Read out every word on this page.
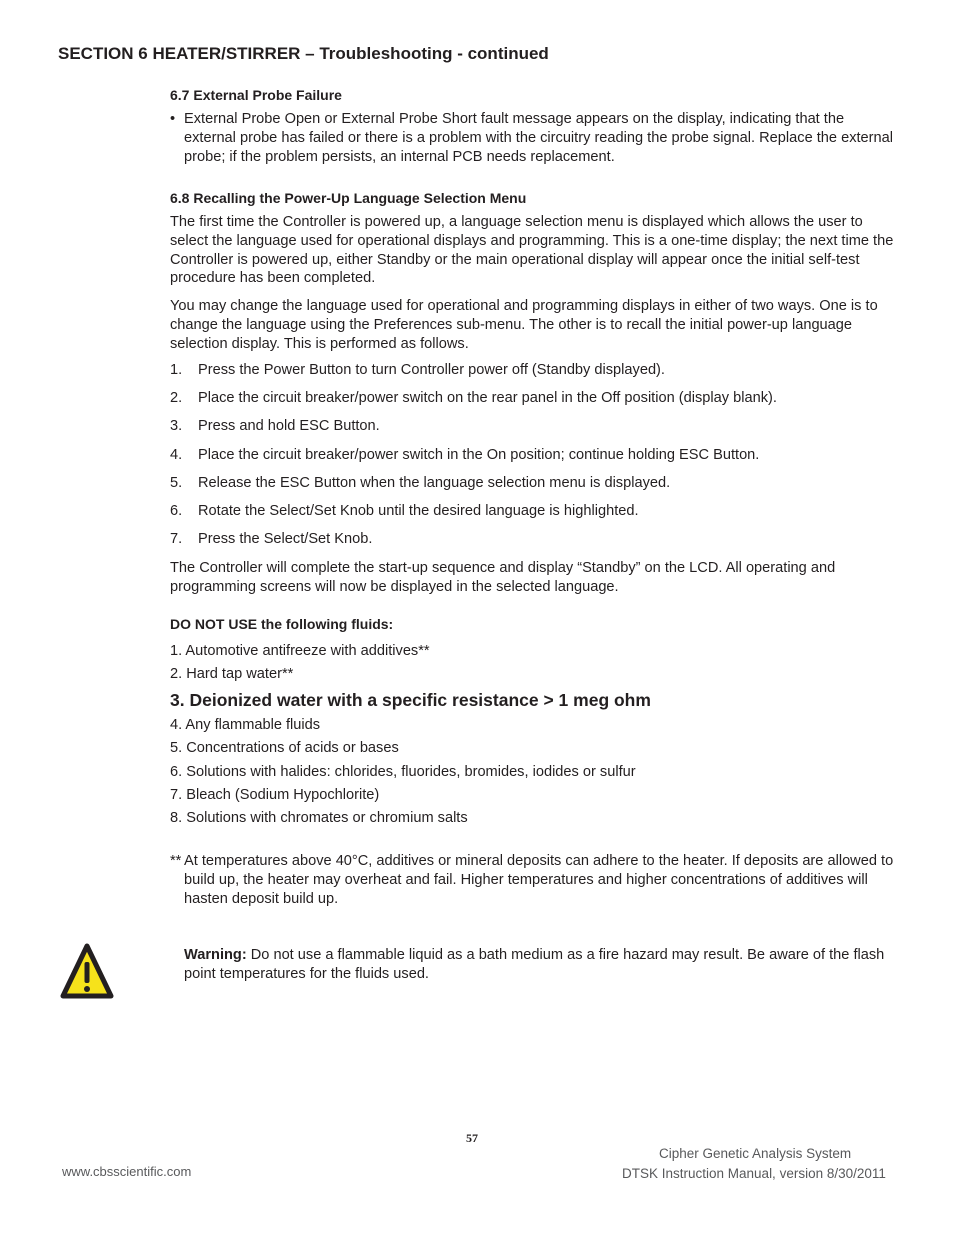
SECTION 6 HEATER/STIRRER – Troubleshooting - continued
6.7 External Probe Failure
• External Probe Open or External Probe Short fault message appears on the display, indicating that the external probe has failed or there is a problem with the circuitry reading the probe signal. Replace the external probe; if the problem persists, an internal PCB needs replacement.
6.8 Recalling the Power-Up Language Selection Menu
The first time the Controller is powered up, a language selection menu is displayed which allows the user to select the language used for operational displays and programming. This is a one-time display; the next time the Controller is powered up, either Standby or the main operational display will appear once the initial self-test procedure has been completed.
You may change the language used for operational and programming displays in either of two ways. One is to change the language using the Preferences sub-menu. The other is to recall the initial power-up language selection display. This is performed as follows.
1. Press the Power Button to turn Controller power off (Standby displayed).
2. Place the circuit breaker/power switch on the rear panel in the Off position (display blank).
3. Press and hold ESC Button.
4. Place the circuit breaker/power switch in the On position; continue holding ESC Button.
5. Release the ESC Button when the language selection menu is displayed.
6. Rotate the Select/Set Knob until the desired language is highlighted.
7. Press the Select/Set Knob.
The Controller will complete the start-up sequence and display “Standby” on the LCD. All operating and programming screens will now be displayed in the selected language.
DO NOT USE the following fluids:
1. Automotive antifreeze with additives**
2. Hard tap water**
3. Deionized water with a specific resistance > 1 meg ohm
4. Any flammable fluids
5. Concentrations of acids or bases
6. Solutions with halides: chlorides, fluorides, bromides, iodides or sulfur
7. Bleach (Sodium Hypochlorite)
8. Solutions with chromates or chromium salts
** At temperatures above 40°C, additives or mineral deposits can adhere to the heater. If deposits are allowed to build up, the heater may overheat and fail. Higher temperatures and higher concentrations of additives will hasten deposit build up.
Warning: Do not use a flammable liquid as a bath medium as a fire hazard may result. Be aware of the flash point temperatures for the fluids used.
57
www.cbsscientific.com
Cipher Genetic Analysis System
DTSK Instruction Manual, version 8/30/2011
